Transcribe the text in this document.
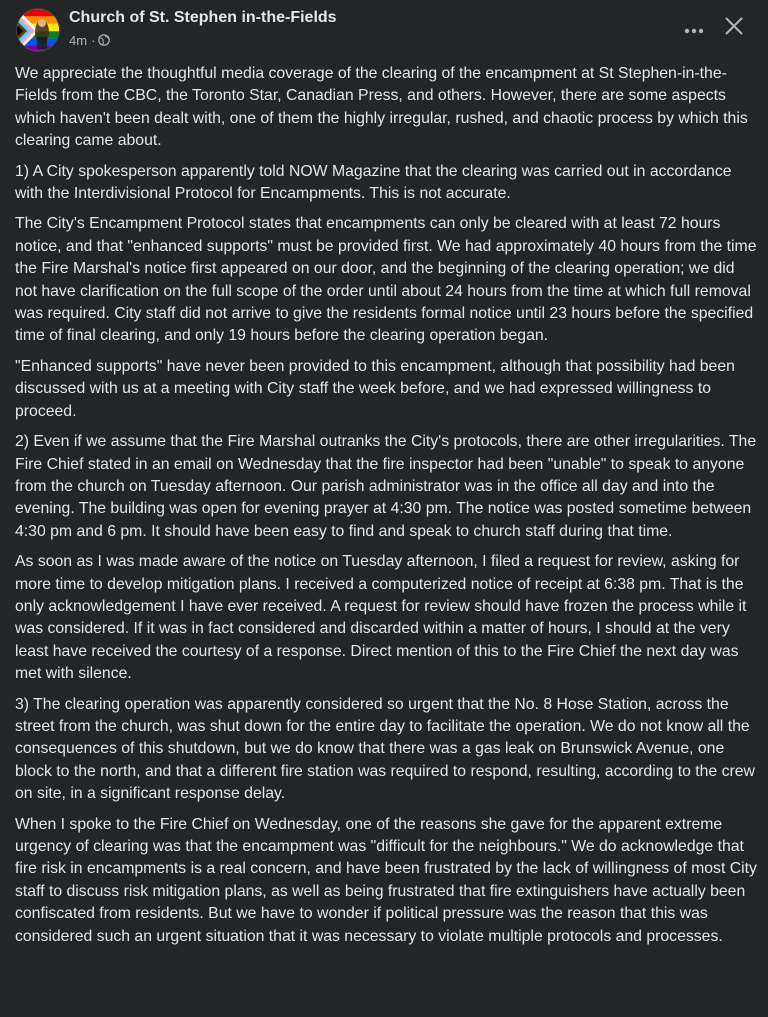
Church of St. Stephen in-the-Fields
4m ·

We appreciate the thoughtful media coverage of the clearing of the encampment at St Stephen-in-the-Fields from the CBC, the Toronto Star, Canadian Press, and others. However, there are some aspects which haven't been dealt with, one of them the highly irregular, rushed, and chaotic process by which this clearing came about.

1) A City spokesperson apparently told NOW Magazine that the clearing was carried out in accordance with the Interdivisional Protocol for Encampments. This is not accurate.

The City's Encampment Protocol states that encampments can only be cleared with at least 72 hours notice, and that "enhanced supports" must be provided first. We had approximately 40 hours from the time the Fire Marshal's notice first appeared on our door, and the beginning of the clearing operation; we did not have clarification on the full scope of the order until about 24 hours from the time at which full removal was required. City staff did not arrive to give the residents formal notice until 23 hours before the specified time of final clearing, and only 19 hours before the clearing operation began.

"Enhanced supports" have never been provided to this encampment, although that possibility had been discussed with us at a meeting with City staff the week before, and we had expressed willingness to proceed.

2) Even if we assume that the Fire Marshal outranks the City's protocols, there are other irregularities. The Fire Chief stated in an email on Wednesday that the fire inspector had been "unable" to speak to anyone from the church on Tuesday afternoon. Our parish administrator was in the office all day and into the evening. The building was open for evening prayer at 4:30 pm. The notice was posted sometime between 4:30 pm and 6 pm. It should have been easy to find and speak to church staff during that time.

As soon as I was made aware of the notice on Tuesday afternoon, I filed a request for review, asking for more time to develop mitigation plans. I received a computerized notice of receipt at 6:38 pm. That is the only acknowledgement I have ever received. A request for review should have frozen the process while it was considered. If it was in fact considered and discarded within a matter of hours, I should at the very least have received the courtesy of a response. Direct mention of this to the Fire Chief the next day was met with silence.

3) The clearing operation was apparently considered so urgent that the No. 8 Hose Station, across the street from the church, was shut down for the entire day to facilitate the operation. We do not know all the consequences of this shutdown, but we do know that there was a gas leak on Brunswick Avenue, one block to the north, and that a different fire station was required to respond, resulting, according to the crew on site, in a significant response delay.

When I spoke to the Fire Chief on Wednesday, one of the reasons she gave for the apparent extreme urgency of clearing was that the encampment was "difficult for the neighbours." We do acknowledge that fire risk in encampments is a real concern, and have been frustrated by the lack of willingness of most City staff to discuss risk mitigation plans, as well as being frustrated that fire extinguishers have actually been confiscated from residents. But we have to wonder if political pressure was the reason that this was considered such an urgent situation that it was necessary to violate multiple protocols and processes.
